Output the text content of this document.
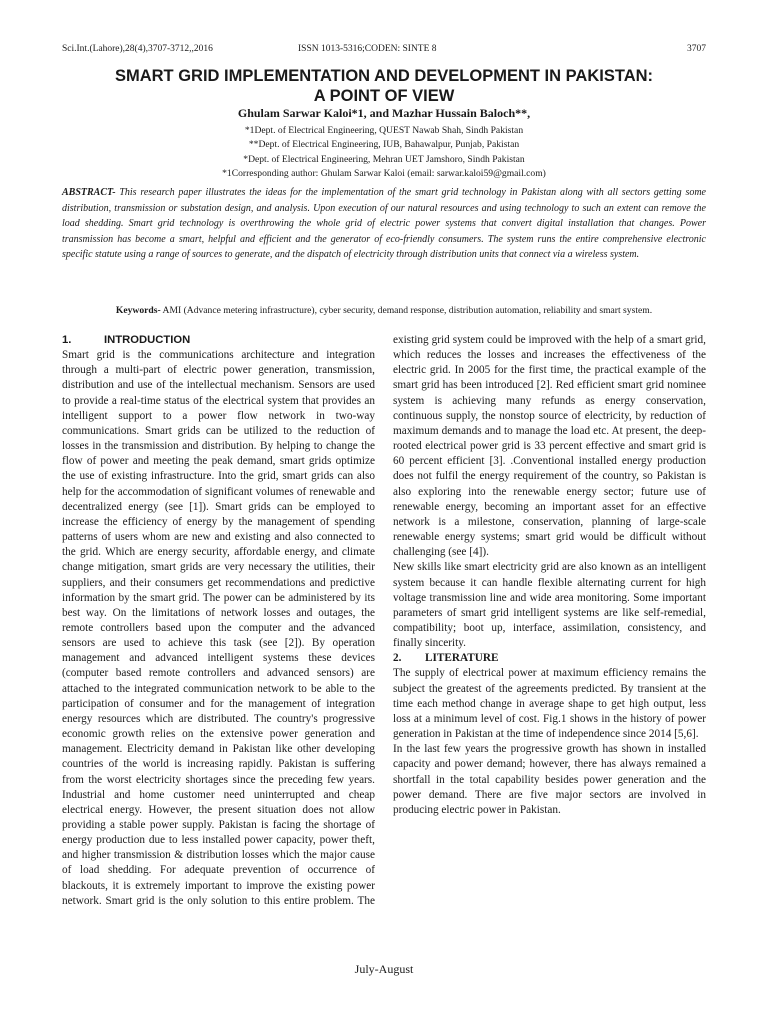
Sci.Int.(Lahore),28(4),3707-3712,,2016	ISSN 1013-5316;CODEN: SINTE 8	3707
SMART GRID IMPLEMENTATION AND DEVELOPMENT IN PAKISTAN:
A POINT OF VIEW
Ghulam Sarwar Kaloi*1, and Mazhar Hussain Baloch**,
*1Dept. of Electrical Engineering, QUEST Nawab Shah, Sindh Pakistan
**Dept. of Electrical Engineering, IUB, Bahawalpur, Punjab, Pakistan
*Dept. of Electrical Engineering, Mehran UET Jamshoro, Sindh Pakistan
*1Corresponding author: Ghulam Sarwar Kaloi (email: sarwar.kaloi59@gmail.com)
ABSTRACT- This research paper illustrates the ideas for the implementation of the smart grid technology in Pakistan along with all sectors getting some distribution, transmission or substation design, and analysis. Upon execution of our natural resources and using technology to such an extent can remove the load shedding. Smart grid technology is overthrowing the whole grid of electric power systems that convert digital installation that changes. Power transmission has become a smart, helpful and efficient and the generator of eco-friendly consumers. The system runs the entire comprehensive electronic specific statute using a range of sources to generate, and the dispatch of electricity through distribution units that connect via a wireless system.
Keywords- AMI (Advance metering infrastructure), cyber security, demand response, distribution automation, reliability and smart system.
1.	INTRODUCTION

Smart grid is the communications architecture and integration through a multi-part of electric power generation, transmission, distribution and use of the intellectual mechanism. Sensors are used to provide a real-time status of the electrical system that provides an intelligent support to a power flow network in two-way communications. Smart grids can be utilized to the reduction of losses in the transmission and distribution. By helping to change the flow of power and meeting the peak demand, smart grids optimize the use of existing infrastructure. Into the grid, smart grids can also help for the accommodation of significant volumes of renewable and decentralized energy (see [1]). Smart grids can be employed to increase the efficiency of energy by the management of spending patterns of users whom are new and existing and also connected to the grid. Which are energy security, affordable energy, and climate change mitigation, smart grids are very necessary the utilities, their suppliers, and their consumers get recommendations and predictive information by the smart grid. The power can be administered by its best way. On the limitations of network losses and outages, the remote controllers based upon the computer and the advanced sensors are used to achieve this task (see [2]). By operation management and advanced intelligent systems these devices (computer based remote controllers and advanced sensors) are attached to the integrated communication network to be able to the participation of consumer and for the management of integration energy resources which are distributed. The country's progressive economic growth relies on the extensive power generation and management. Electricity demand in Pakistan like other developing countries of the world is increasing rapidly. Pakistan is suffering from the worst electricity shortages since the preceding few years. Industrial and home customer need uninterrupted and cheap electrical energy. However, the present situation does not allow providing a stable power supply. Pakistan is facing the shortage of energy production due to less installed power capacity, power theft, and higher transmission & distribution losses which the major cause of load shedding. For adequate prevention of occurrence of blackouts, it is extremely important to improve the existing power network. Smart grid is the only solution to this entire problem. The

existing grid system could be improved with the help of a smart grid, which reduces the losses and increases the effectiveness of the electric grid. In 2005 for the first time, the practical example of the smart grid has been introduced [2]. Red efficient smart grid nominee system is achieving many refunds as energy conservation, continuous supply, the nonstop source of electricity, by reduction of maximum demands and to manage the load etc. At present, the deep-rooted electrical power grid is 33 percent effective and smart grid is 60 percent efficient [3]. .Conventional installed energy production does not fulfil the energy requirement of the country, so Pakistan is also exploring into the renewable energy sector; future use of renewable energy, becoming an important asset for an effective network is a milestone, conservation, planning of large-scale renewable energy systems; smart grid would be difficult without challenging (see [4]).

New skills like smart electricity grid are also known as an intelligent system because it can handle flexible alternating current for high voltage transmission line and wide area monitoring. Some important parameters of smart grid intelligent systems are like self-remedial, compatibility; boot up, interface, assimilation, consistency, and finally sincerity.

2. LITERATURE

The supply of electrical power at maximum efficiency remains the subject the greatest of the agreements predicted. By transient at the time each method change in average shape to get high output, less loss at a minimum level of cost. Fig.1 shows in the history of power generation in Pakistan at the time of independence since 2014 [5,6].

In the last few years the progressive growth has shown in installed capacity and power demand; however, there has always remained a shortfall in the total capability besides power generation and the power demand. There are five major sectors are involved in producing electric power in Pakistan.

July-August
